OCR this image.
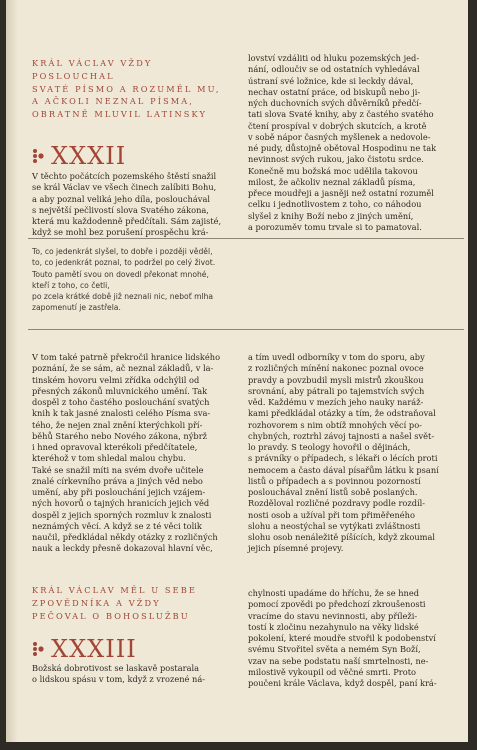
KRÁL VÁCLAV VŽDY
POSLOUCHAL
SVATÉ PÍSMO A ROZUMĚL MU,
A AČKOLI NEZNAL PÍSMA,
OBRATNĚ MLUVIL LATINSKY
XXXII
V těchto počátcích pozemského štěstí snažil
se král Václav ve všech činech zalíbiti Bohu,
a aby poznal veliká jeho díla, poslouchával
s největší pečlivostí slova Svatého zákona,
která mu každodenně předčítali. Sám zajisté,
když se mohl bez porušení prospěchu krá-
lovství vzdáliti od hluku pozemských jed-
nání, odloučiv se od ostatních vyhledával
ústraní své ložnice, kde si leckdy dával,
nechav ostatní práce, od biskupů nebo ji-
ných duchovních svých důvěrníků předčí-
tati slova Svaté knihy, aby z častého svatého
čtení prospíval v dobrých skutcích, a krotě
v sobě nápor časných myšlenek a nedovole-
né pudy, důstojně obětoval Hospodinu ne tak
nevinnost svých rukou, jako čistotu srdce.
Konečně mu božská moc udělila takovou
milost, že ačkoliv neznal základů písma,
přece moudřeji a jasněji než ostatní rozuměl
celku i jednotlivostem z toho, co náhodou
slyšel z knihy Boží nebo z jiných umění,
a porozuměv tomu trvale si to pamatoval.
To, co jedenkrát slyšel, to dobře i později věděl,
to, co jedenkrát poznal, to podržel po celý život.
Touto pamětí svou on dovedl překonat mnohé,
kteří z toho, co četli,
po zcela krátké době již neznali nic, neboť mlha
zapomenutí je zastřela.
V tom také patrně překročil hranice lidského
poznání, že se sám, ač neznal základů, v la-
tinském hovoru velmi zřídka odchýlil od
přesných zákonů mluvnického umění. Tak
dospěl z toho častého poslouchání svatých
knih k tak jasné znalosti celého Písma sva-
tého, že nejen znal znění kterýchkoli pří-
běhů Starého nebo Nového zákona, nýbrž
i hned opravoval kterékoli předčítatele,
kteréhož v tom shledal malou chybu.
Také se snažil míti na svém dvoře učitele
znalé církevního práva a jiných věd nebo
umění, aby při poslouchání jejich vzájem-
ných hovorů o tajných hranicích jejich věd
dospěl z jejich sporných rozmluv k znalosti
neznámých věcí. A když se z té věci tolik
naučil, předkládal někdy otázky z rozličných
nauk a leckdy přesně dokazoval hlavní věc,
a tím uvedl odborníky v tom do sporu, aby
z rozličných mínění nakonec poznal ovoce
pravdy a povzbudil mysli mistrů zkouškou
srovnání, aby pátrali po tajemstvích svých
věd. Každému v mezích jeho nauky naráž-
kami předkládal otázky a tím, že odstraňoval
rozhovorem s nim obtíž mnohých věcí po-
chybných, roztrhl závoj tajnosti a našel svět-
lo pravdy. S teology hovořil o dějinách,
s právníky o případech, s lékaři o lécích proti
nemocem a často dával písařům látku k psaní
listů o případech a s povinnou pozorností
poslouchával znění listů sobě poslaných.
Rozděloval rozličné pozdravy podle rozdíl-
nosti osob a užíval při tom přiměřeného
slohu a neostýchal se vytýkati zvláštnosti
slohu osob nenáležitě píšících, když zkoumal
jejich písemné projevy.
KRÁL VÁCLAV MĚL U SEBE
ZPOVĚDNÍKA A VŽDY
PEČOVAL O BOHOSLUŽBU
XXXIII
Božská dobrotivost se laskavě postarala
o lidskou spásu v tom, když z vrozené ná-
chylnosti upadáme do hříchu, že se hned
pomocí zpovědi po předchozí zkroušenosti
vracíme do stavu nevinnosti, aby příleži-
tostí k zločinu nezahynulo na věky lidské
pokolení, které moudře stvořil k podobenství
svému Stvořitel světa a nemém Syn Boží,
vzav na sebe podstatu naší smrtelnosti, ne-
milostivě vykoupil od věčné smrti. Proto
poučeni krále Václava, když dospěl, paní krá-
